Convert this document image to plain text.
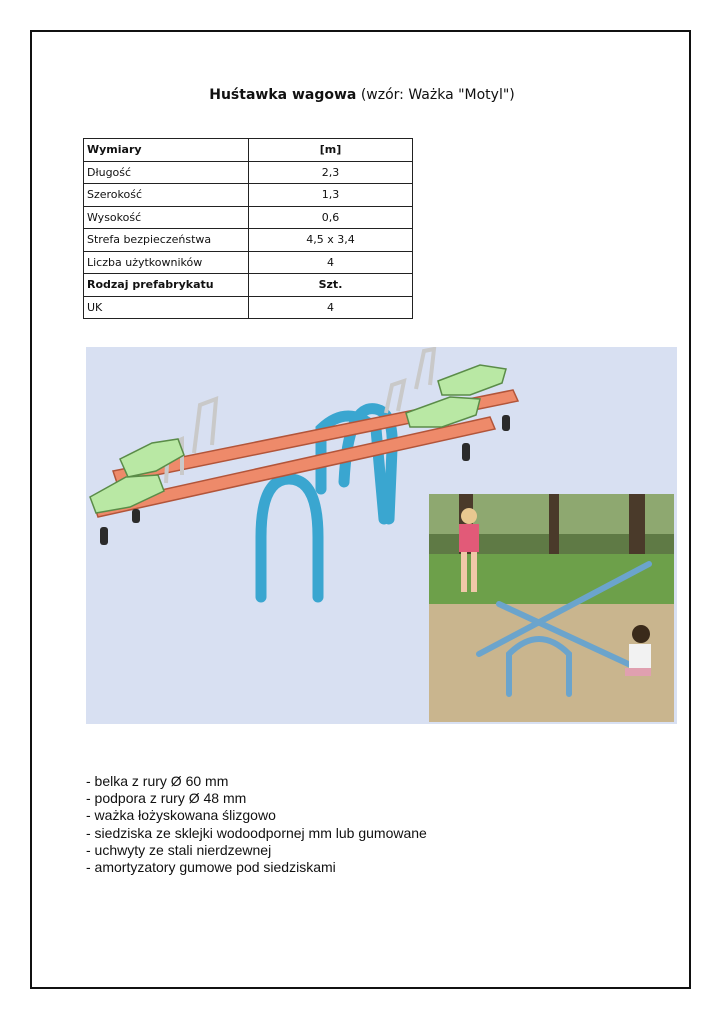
Huśtawka wagowa (wzór: Ważka "Motyl")
Wymiary	[m]
Długość	2,3
Szerokość	1,3
Wysokość	0,6
Strefa bezpieczeństwa	4,5 x 3,4
Liczba użytkowników	4
Rodzaj prefabrykatu	Szt.
UK	4
- belka z rury Ø 60 mm
- podpora z rury Ø 48 mm
- ważka łożyskowana ślizgowo
- siedziska ze sklejki wodoodpornej mm lub gumowane
- uchwyty ze stali nierdzewnej
- amortyzatory gumowe pod siedziskami
